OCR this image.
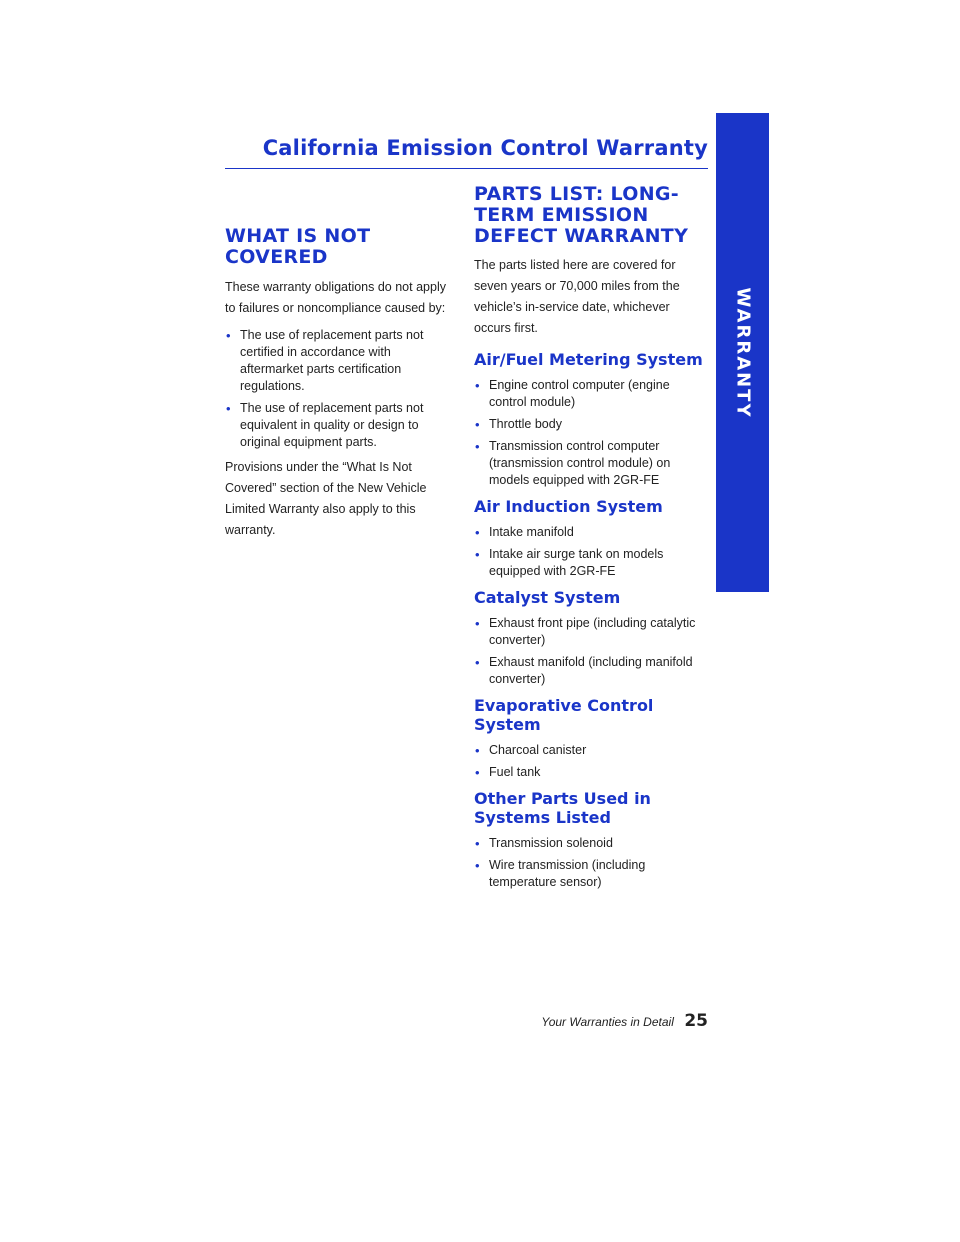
California Emission Control Warranty
WARRANTY
WHAT IS NOT COVERED

These warranty obligations do not apply to failures or noncompliance caused by:

• The use of replacement parts not certified in accordance with aftermarket parts certification regulations.
• The use of replacement parts not equivalent in quality or design to original equipment parts.

Provisions under the “What Is Not Covered” section of the New Vehicle Limited Warranty also apply to this warranty.

PARTS LIST: LONG-TERM EMISSION DEFECT WARRANTY

The parts listed here are covered for seven years or 70,000 miles from the vehicle’s in-service date, whichever occurs first.

Air/Fuel Metering System
• Engine control computer (engine control module)
• Throttle body
• Transmission control computer (transmission control module) on models equipped with 2GR-FE
Air Induction System
• Intake manifold
• Intake air surge tank on models equipped with 2GR-FE
Catalyst System
• Exhaust front pipe (including catalytic converter)
• Exhaust manifold (including manifold converter)
Evaporative Control System
• Charcoal canister
• Fuel tank
Other Parts Used in Systems Listed
• Transmission solenoid
• Wire transmission (including temperature sensor)
Your Warranties in Detail 25
